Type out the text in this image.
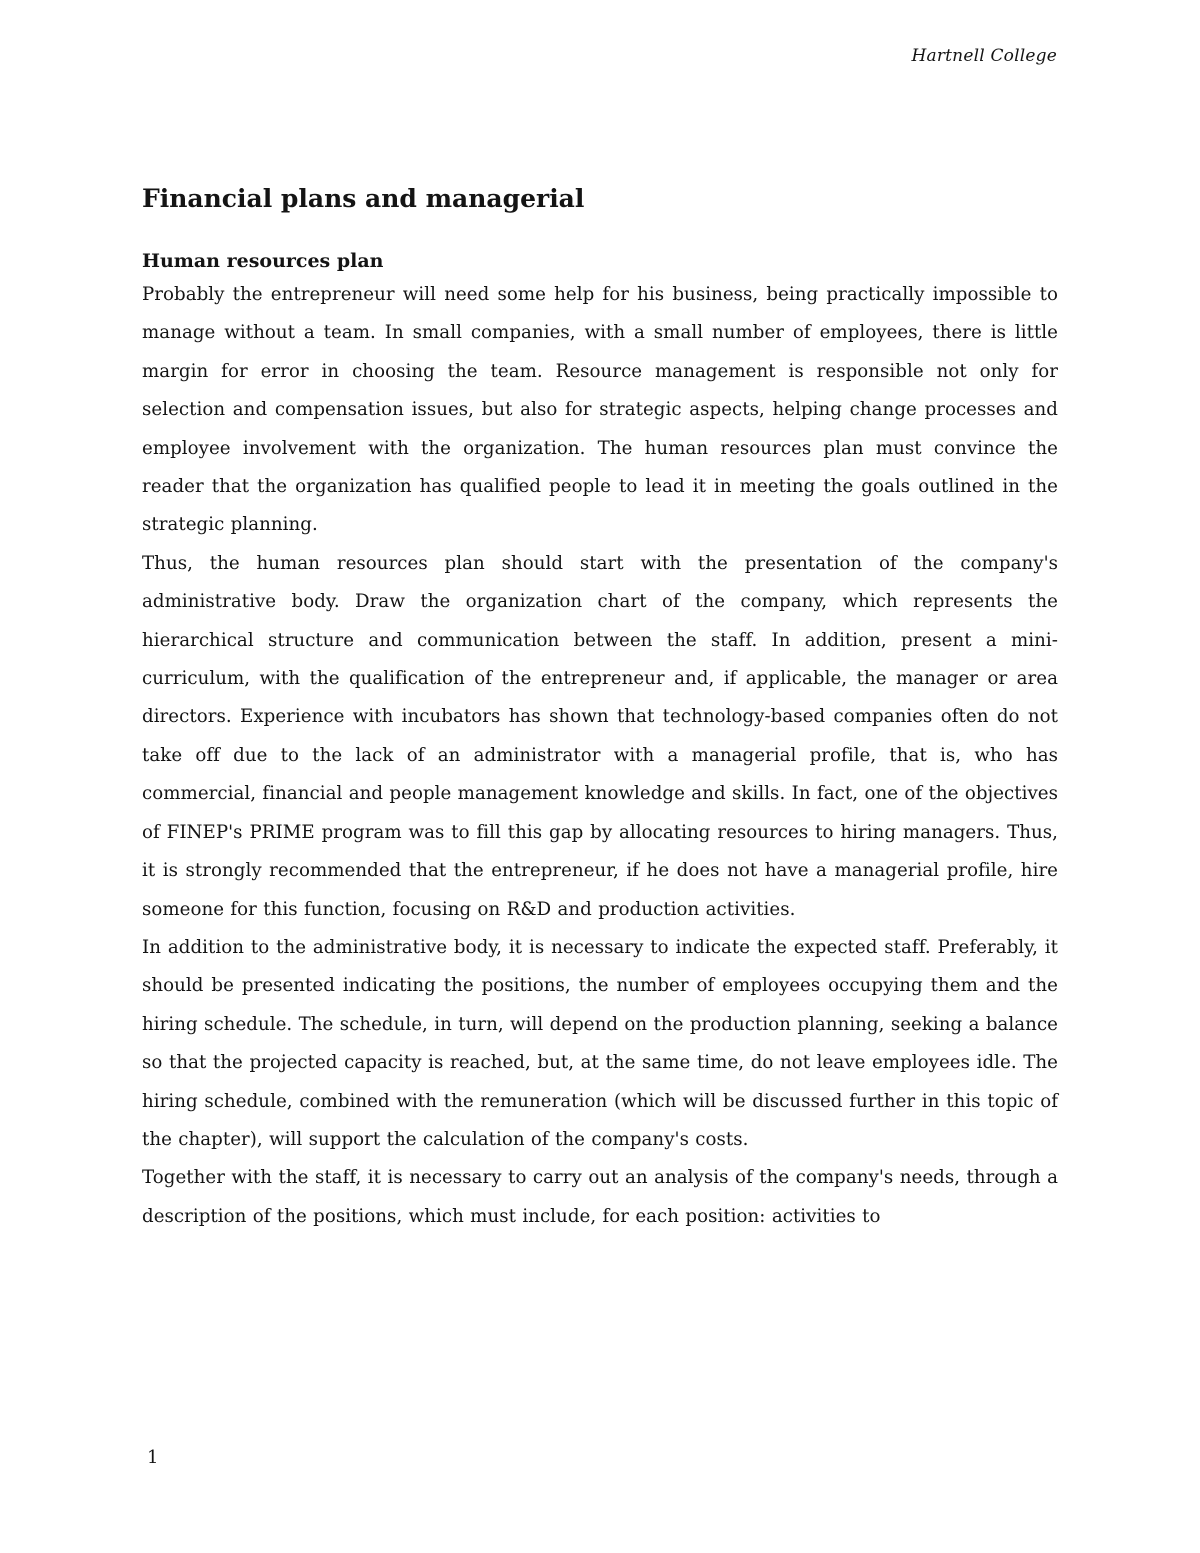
Hartnell College
Financial plans and managerial
Human resources plan

Probably the entrepreneur will need some help for his business, being practically impossible to manage without a team. In small companies, with a small number of employees, there is little margin for error in choosing the team. Resource management is responsible not only for selection and compensation issues, but also for strategic aspects, helping change processes and employee involvement with the organization. The human resources plan must convince the reader that the organization has qualified people to lead it in meeting the goals outlined in the strategic planning.

Thus, the human resources plan should start with the presentation of the company's administrative body. Draw the organization chart of the company, which represents the hierarchical structure and communication between the staff. In addition, present a mini-curriculum, with the qualification of the entrepreneur and, if applicable, the manager or area directors. Experience with incubators has shown that technology-based companies often do not take off due to the lack of an administrator with a managerial profile, that is, who has commercial, financial and people management knowledge and skills. In fact, one of the objectives of FINEP's PRIME program was to fill this gap by allocating resources to hiring managers. Thus, it is strongly recommended that the entrepreneur, if he does not have a managerial profile, hire someone for this function, focusing on R&D and production activities.

In addition to the administrative body, it is necessary to indicate the expected staff. Preferably, it should be presented indicating the positions, the number of employees occupying them and the hiring schedule. The schedule, in turn, will depend on the production planning, seeking a balance so that the projected capacity is reached, but, at the same time, do not leave employees idle. The hiring schedule, combined with the remuneration (which will be discussed further in this topic of the chapter), will support the calculation of the company's costs.

Together with the staff, it is necessary to carry out an analysis of the company's needs, through a description of the positions, which must include, for each position: activities to

1
